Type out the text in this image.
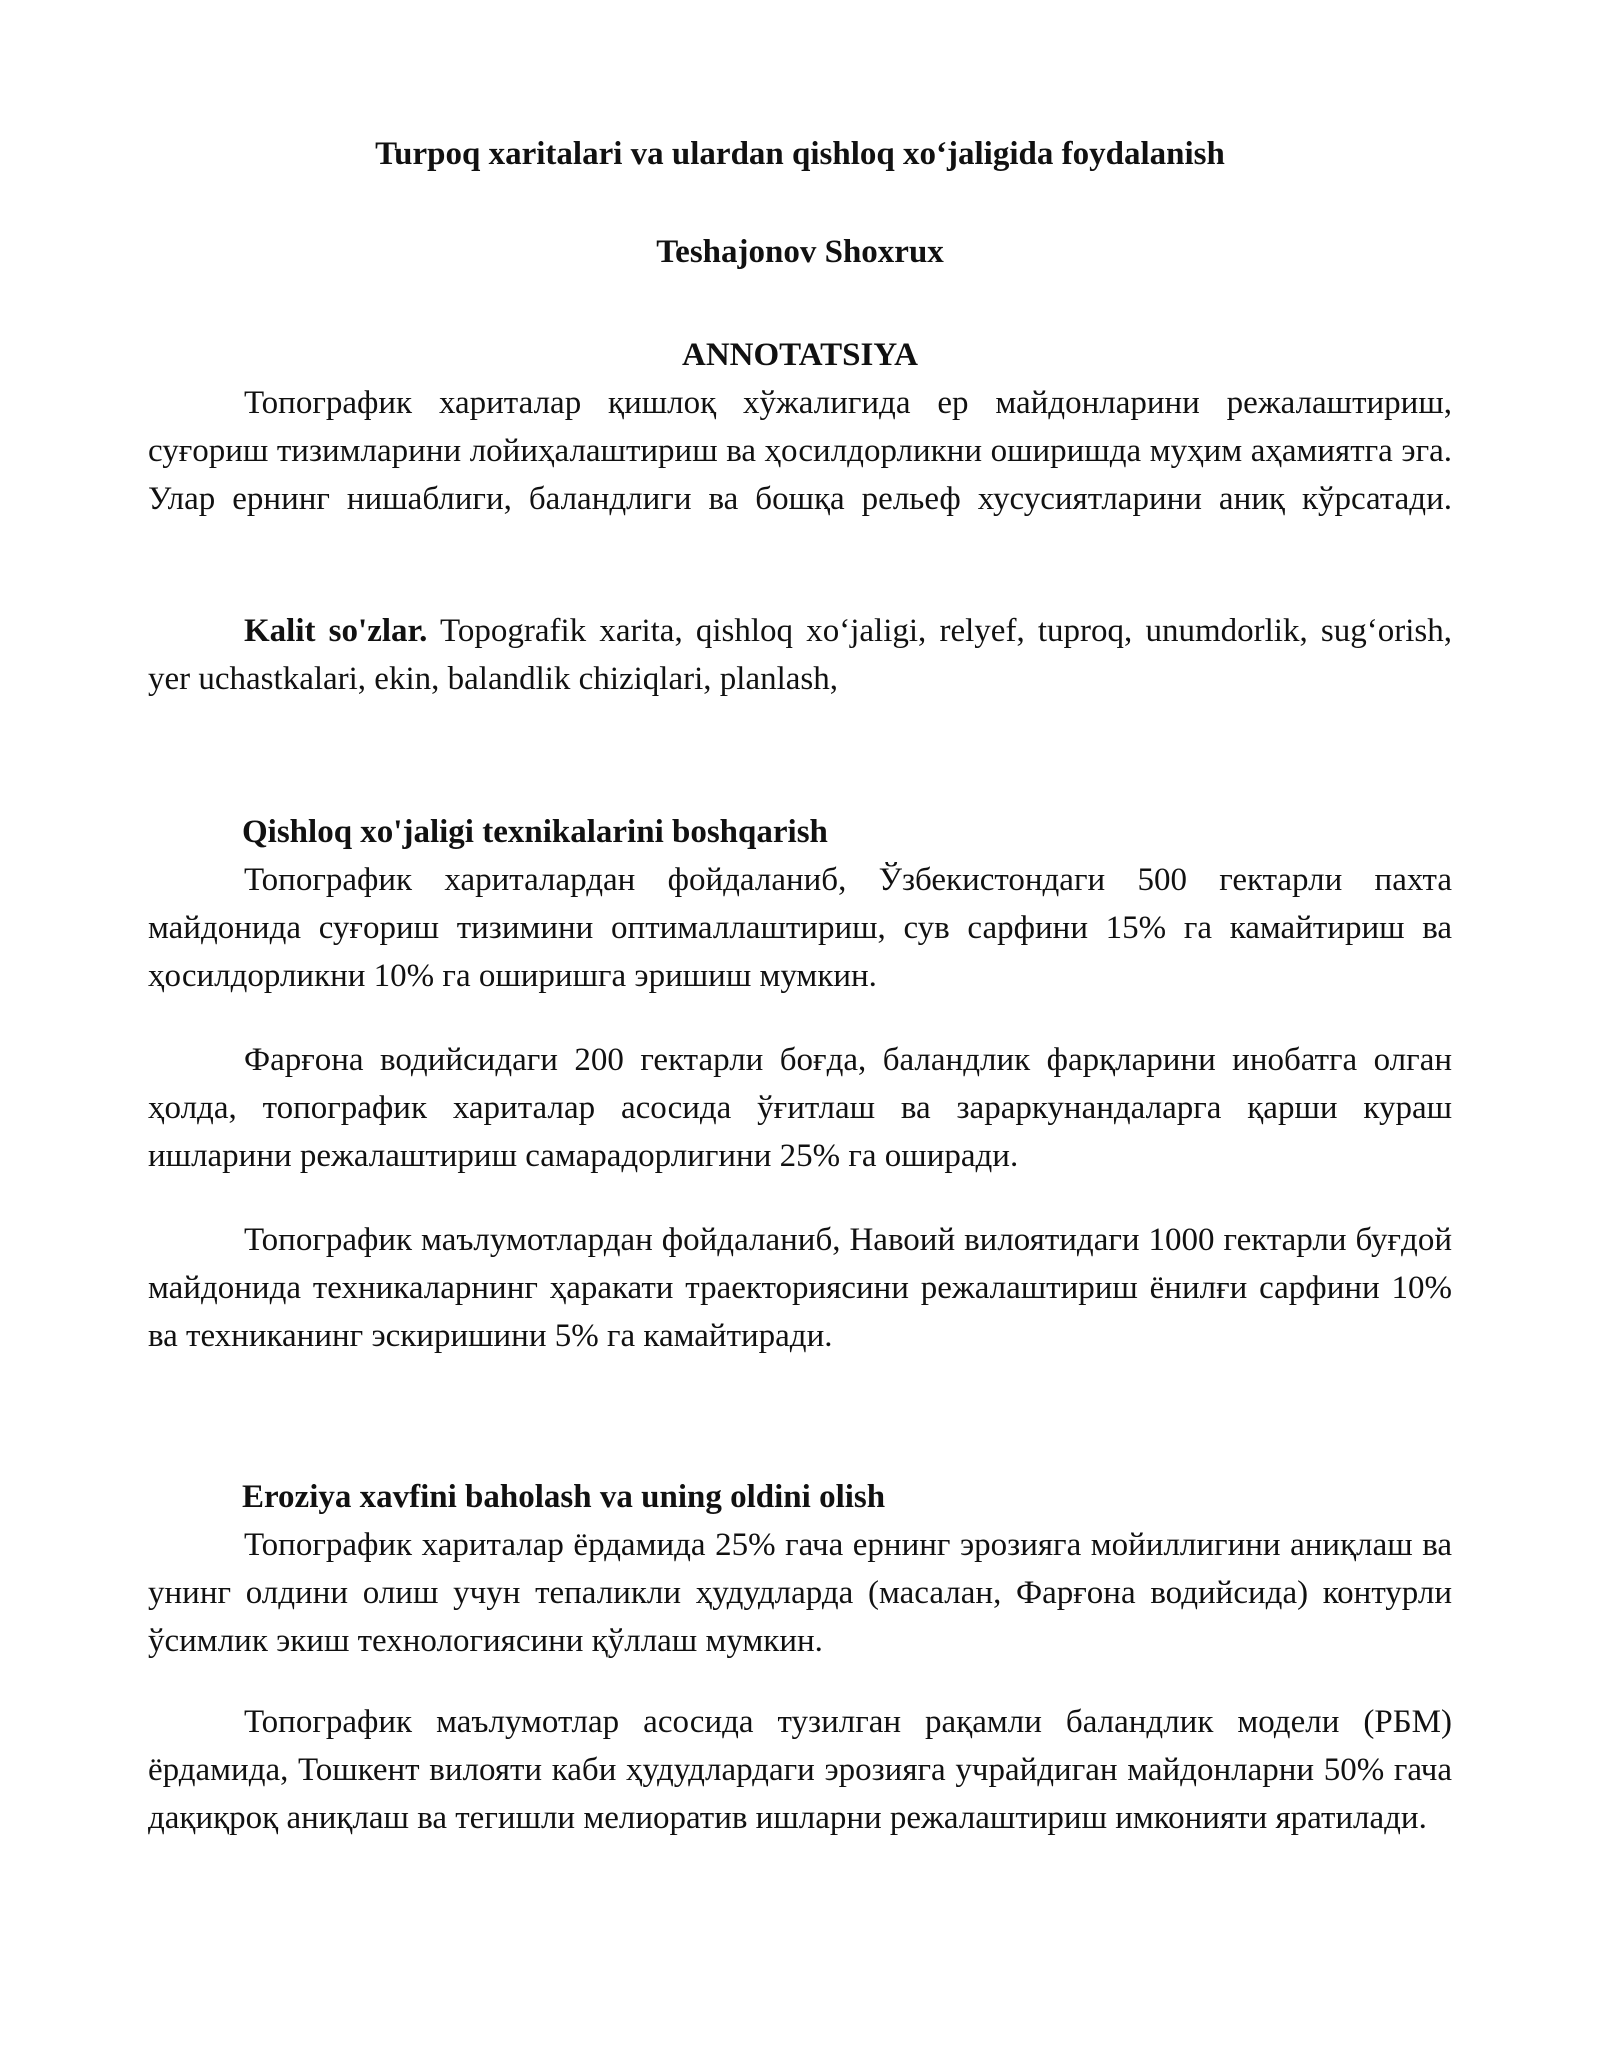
Turpoq xaritalari va ulardan qishloq xo‘jaligida foydalanish
Teshajonov Shoxrux
ANNOTATSIYA

Топографик хариталар қишлоқ хўжалигида ер майдонларини режалаштириш, суғориш тизимларини лойиҳалаштириш ва ҳосилдорликни оширишда муҳим аҳамиятга эга. Улар ернинг нишаблиги, баландлиги ва бошқа рельеф хусусиятларини аниқ кўрсатади.

Kalit so'zlar. Topografik xarita, qishloq xo‘jaligi, relyef, tuproq, unumdorlik, sug‘orish, yer uchastkalari, ekin, balandlik chiziqlari, planlash,

Qishloq xo'jaligi texnikalarini boshqarish

Топографик хариталардан фойдаланиб, Ўзбекистондаги 500 гектарли пахта майдонида суғориш тизимини оптималлаштириш, сув сарфини 15% га камайтириш ва ҳосилдорликни 10% га оширишга эришиш мумкин.

Фарғона водийсидаги 200 гектарли боғда, баландлик фарқларини инобатга олган ҳолда, топографик хариталар асосида ўғитлаш ва зараркунандаларга қарши кураш ишларини режалаштириш самарадорлигини 25% га оширади.

Топографик маълумотлардан фойдаланиб, Навоий вилоятидаги 1000 гектарли буғдой майдонида техникаларнинг ҳаракати траекториясини режалаштириш ёнилғи сарфини 10% ва техниканинг эскиришини 5% га камайтиради.

Eroziya xavfini baholash va uning oldini olish

Топографик хариталар ёрдамида 25% гача ернинг эрозияга мойиллигини аниқлаш ва унинг олдини олиш учун тепаликли ҳудудларда (масалан, Фарғона водийсида) контурли ўсимлик экиш технологиясини қўллаш мумкин.

Топографик маълумотлар асосида тузилган рақамли баландлик модели (РБМ) ёрдамида, Тошкент вилояти каби ҳудудлардаги эрозияга учрайдиган майдонларни 50% гача дақиқроқ аниқлаш ва тегишли мелиоратив ишларни режалаштириш имконияти яратилади.
